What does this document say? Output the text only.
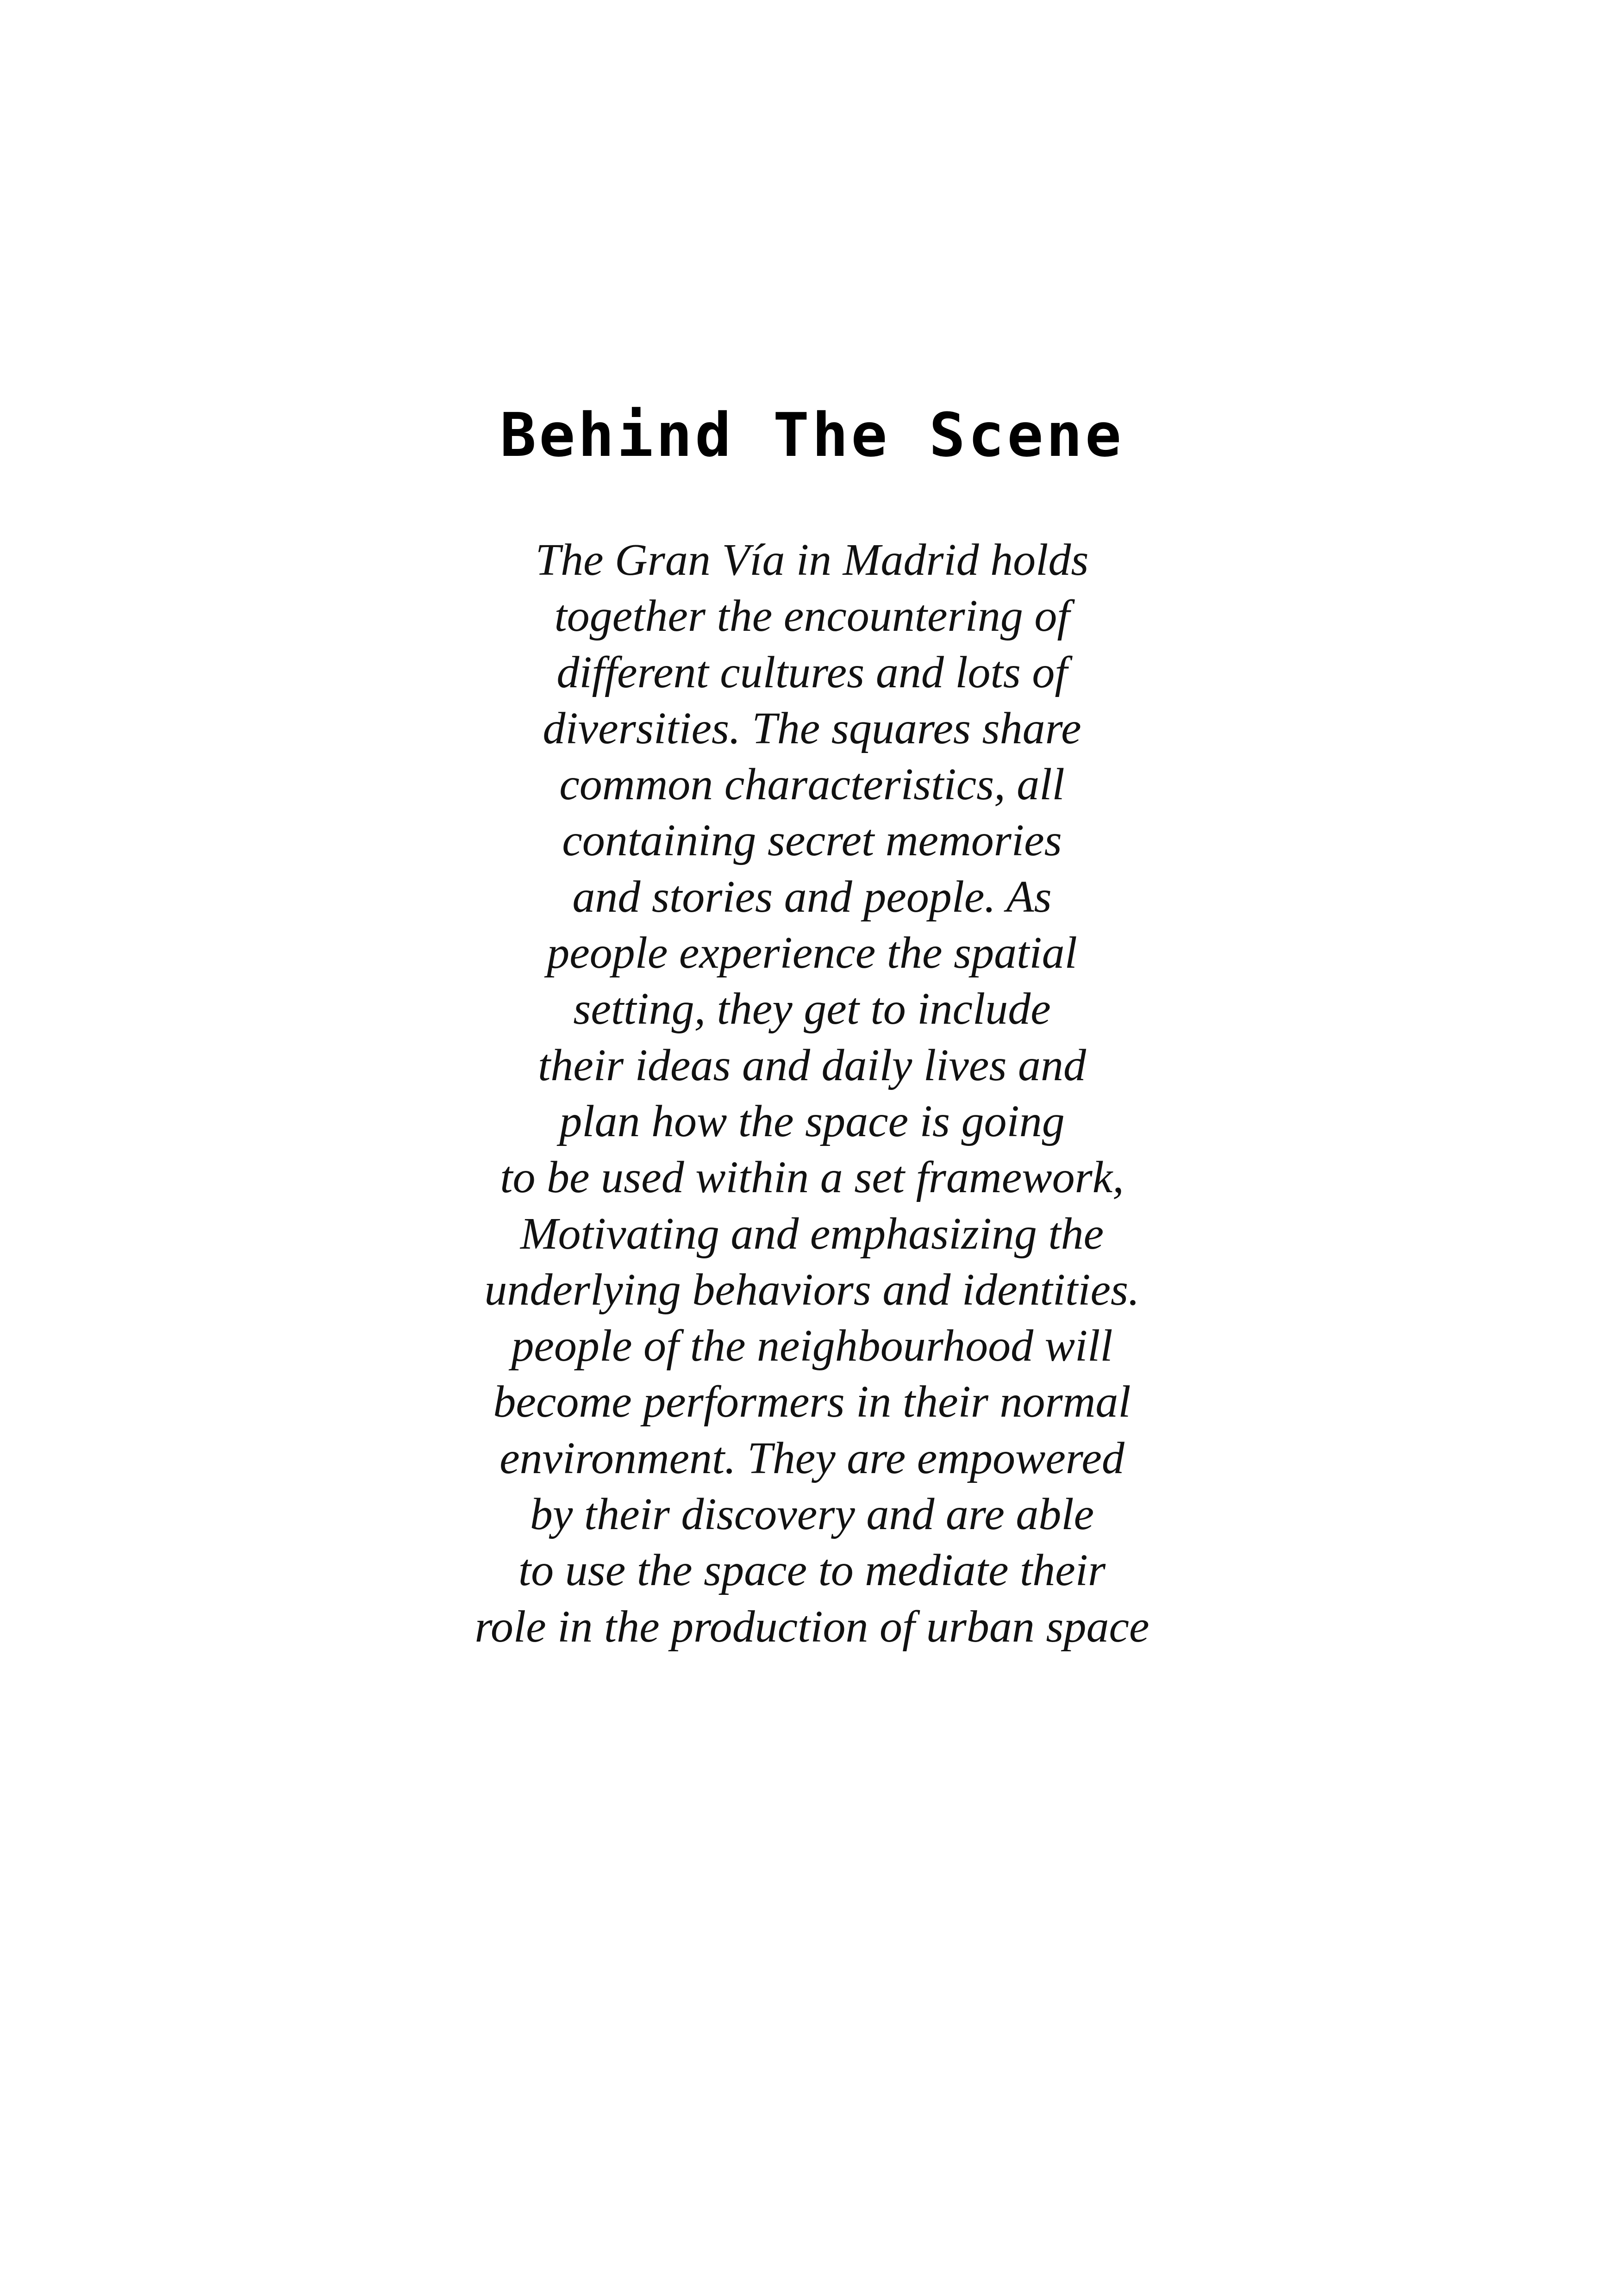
Behind The Scene
The Gran Vía in Madrid holds
together the encountering of
different cultures and lots of
diversities. The squares share
common characteristics, all
containing secret memories
and stories and people. As
people experience the spatial
setting, they get to include
their ideas and daily lives and
plan how the space is going
to be used within a set framework,
Motivating and emphasizing the
underlying behaviors and identities.
people of the neighbourhood will
become performers in their normal
environment. They are empowered
by their discovery and are able
to use the space to mediate their
role in the production of urban space
